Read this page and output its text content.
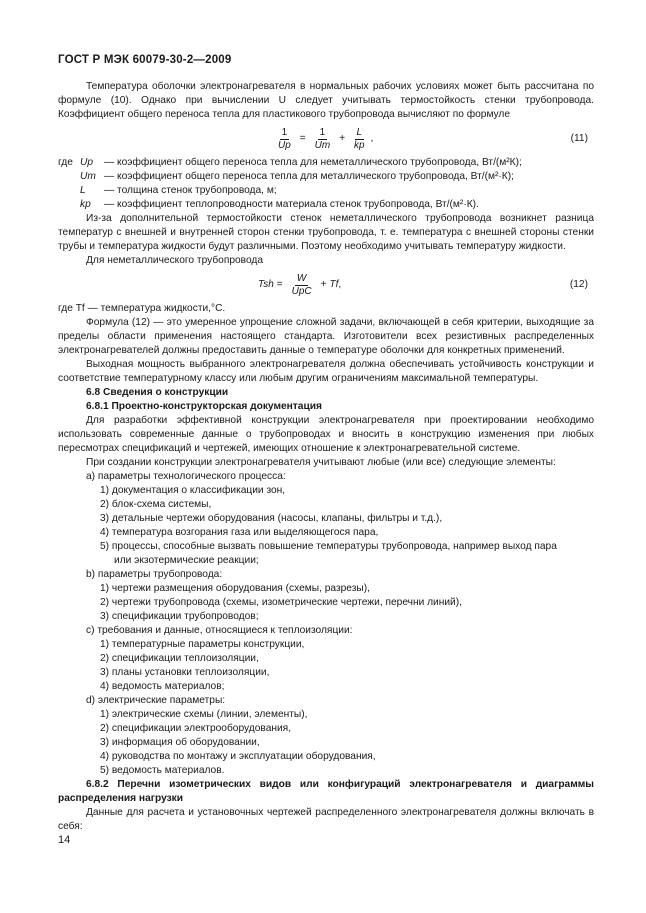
ГОСТ Р МЭК 60079-30-2—2009

Температура оболочки электронагревателя в нормальных рабочих условиях может быть рассчитана по формуле (10). Однако при вычислении U следует учитывать термостойкость стенки трубопровода. Коэффициент общего переноса тепла для пластикового трубопровода вычисляют по формуле

$\frac{1}{Up} = \frac{1}{Um} + \frac{L}{kp}$ ,	(11)
где Up	— коэффициент общего переноса тепла для неметаллического трубопровода, Вт/(м²К);
Um — коэффициент общего переноса тепла для металлического трубопровода, Вт/(м²·К);
L	— толщина стенок трубопровода, м;
kp	— коэффициент теплопроводности материала стенок трубопровода, Вт/(м²·К).

Из-за дополнительной термостойкости стенок неметаллического трубопровода возникнет разница температур с внешней и внутренней сторон стенки трубопровода, т. е. температура с внешней стороны стенки трубы и температура жидкости будут различными. Поэтому необходимо учитывать температуру жидкости.

Для неметаллического трубопровода

Tsh = $\frac{W}{\text{UpC}} + Tf$ ,	(12)

где Tf — температура жидкости,°С.

Формула (12) — это умеренное упрощение сложной задачи, включающей в себя критерии, выходящие за пределы области применения настоящего стандарта. Изготовители всех резистивных распределенных электронагревателей должны предоставить данные о температуре оболочки для конкретных применений.

Выходная мощность выбранного электронагревателя должна обеспечивать устойчивость конструкции и соответствие температурному классу или любым другим ограничениям максимальной температуры.

6.8 Сведения о конструкции

6.8.1 Проектно-конструкторская документация

Для разработки эффективной конструкции электронагревателя при проектировании необходимо использовать современные данные о трубопроводах и вносить в конструкцию изменения при любых пересмотрах спецификаций и чертежей, имеющих отношение к электронагревательной системе.

При создании конструкции электронагревателя учитывают любые (или все) следующие элементы:

a) параметры технологического процесса:

1) документация о классификации зон,

2) блок-схема системы,

3) детальные чертежи оборудования (насосы, клапаны, фильтры и т.д.),

4) температура возгорания газа или выделяющегося пара,

5) процессы, способные вызвать повышение температуры трубопровода, например выход пара

или экзотермические реакции;

b) параметры трубопровода:

1) чертежи размещения оборудования (схемы, разрезы),

2) чертежи трубопровода (схемы, изометрические чертежи, перечни линий),

3) спецификации трубопроводов;

c) требования и данные, относящиеся к теплоизоляции:

1) температурные параметры конструкции,

2) спецификации теплоизоляции,

3) планы установки теплоизоляции,

4) ведомость материалов;

d) электрические параметры:

1) электрические схемы (линии, элементы),

2) спецификации электрооборудования,

3) информация об оборудовании,

4) руководства по монтажу и эксплуатации оборудования,

5) ведомость материалов.

6.8.2 Перечни изометрических видов или конфигураций электронагревателя и диаграммы распределения нагрузки

Данные для расчета и установочных чертежей распределенного электронагревателя должны включать в себя:

14
